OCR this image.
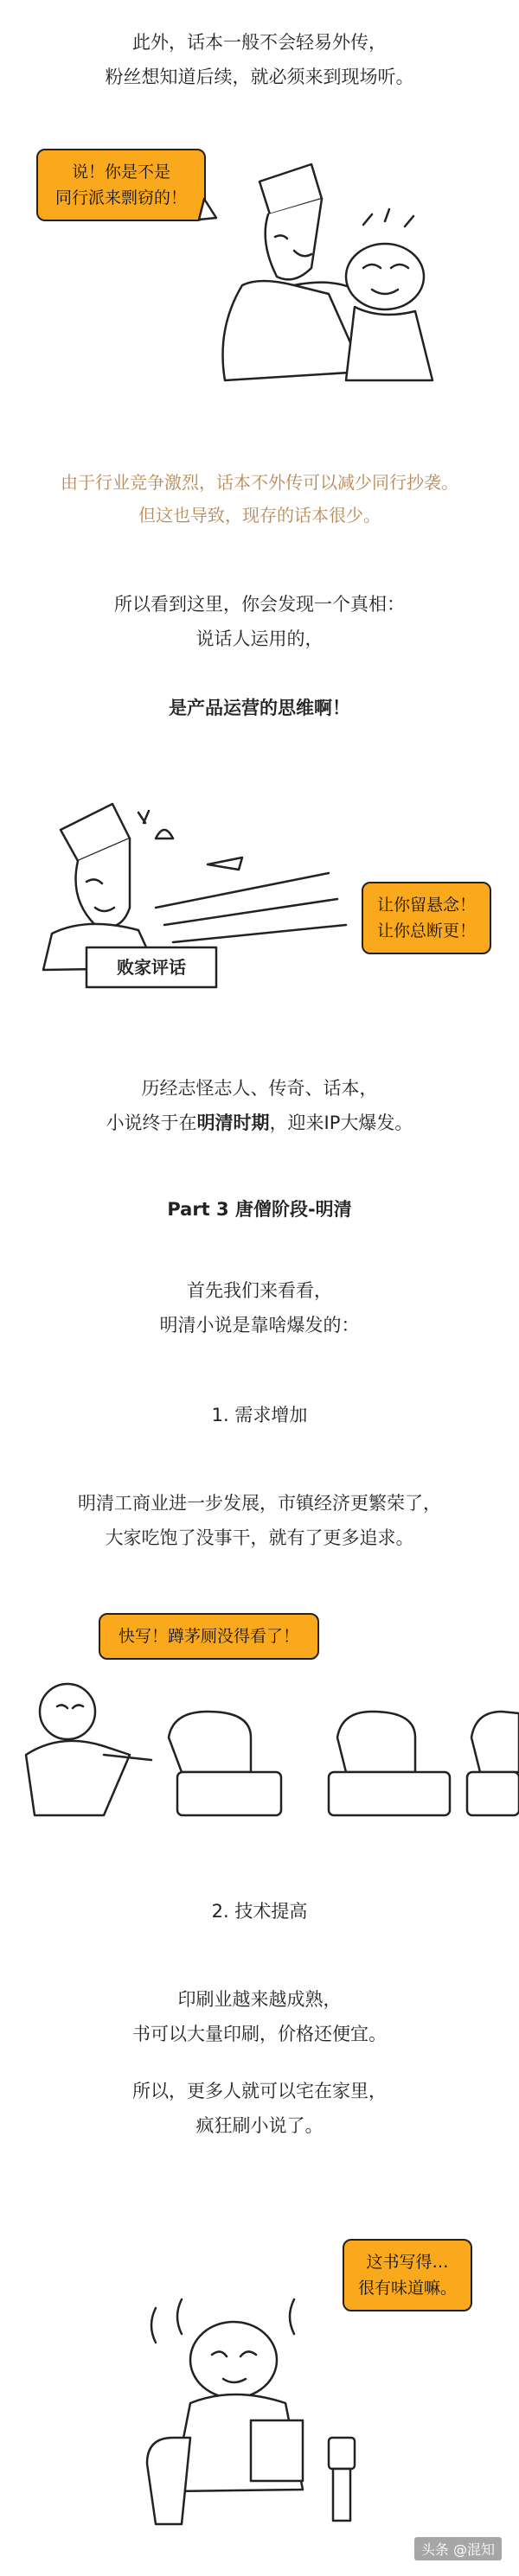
此外，话本一般不会轻易外传，
粉丝想知道后续，就必须来到现场听。
说！你是不是
同行派来剽窃的！
由于行业竞争激烈，话本不外传可以减少同行抄袭。
但这也导致，现存的话本很少。
所以看到这里，你会发现一个真相：
说话人运用的，
是产品运营的思维啊！
败家评话
让你留悬念！
让你总断更！
历经志怪志人、传奇、话本，
小说终于在明清时期，迎来IP大爆发。
Part 3 唐僧阶段-明清
首先我们来看看，
明清小说是靠啥爆发的：
1. 需求增加
明清工商业进一步发展，市镇经济更繁荣了，
大家吃饱了没事干，就有了更多追求。
快写！蹲茅厕没得看了！
2. 技术提高
印刷业越来越成熟，
书可以大量印刷，价格还便宜。
所以，更多人就可以宅在家里，
疯狂刷小说了。
这书写得…
很有味道嘛。
头条 @混知
